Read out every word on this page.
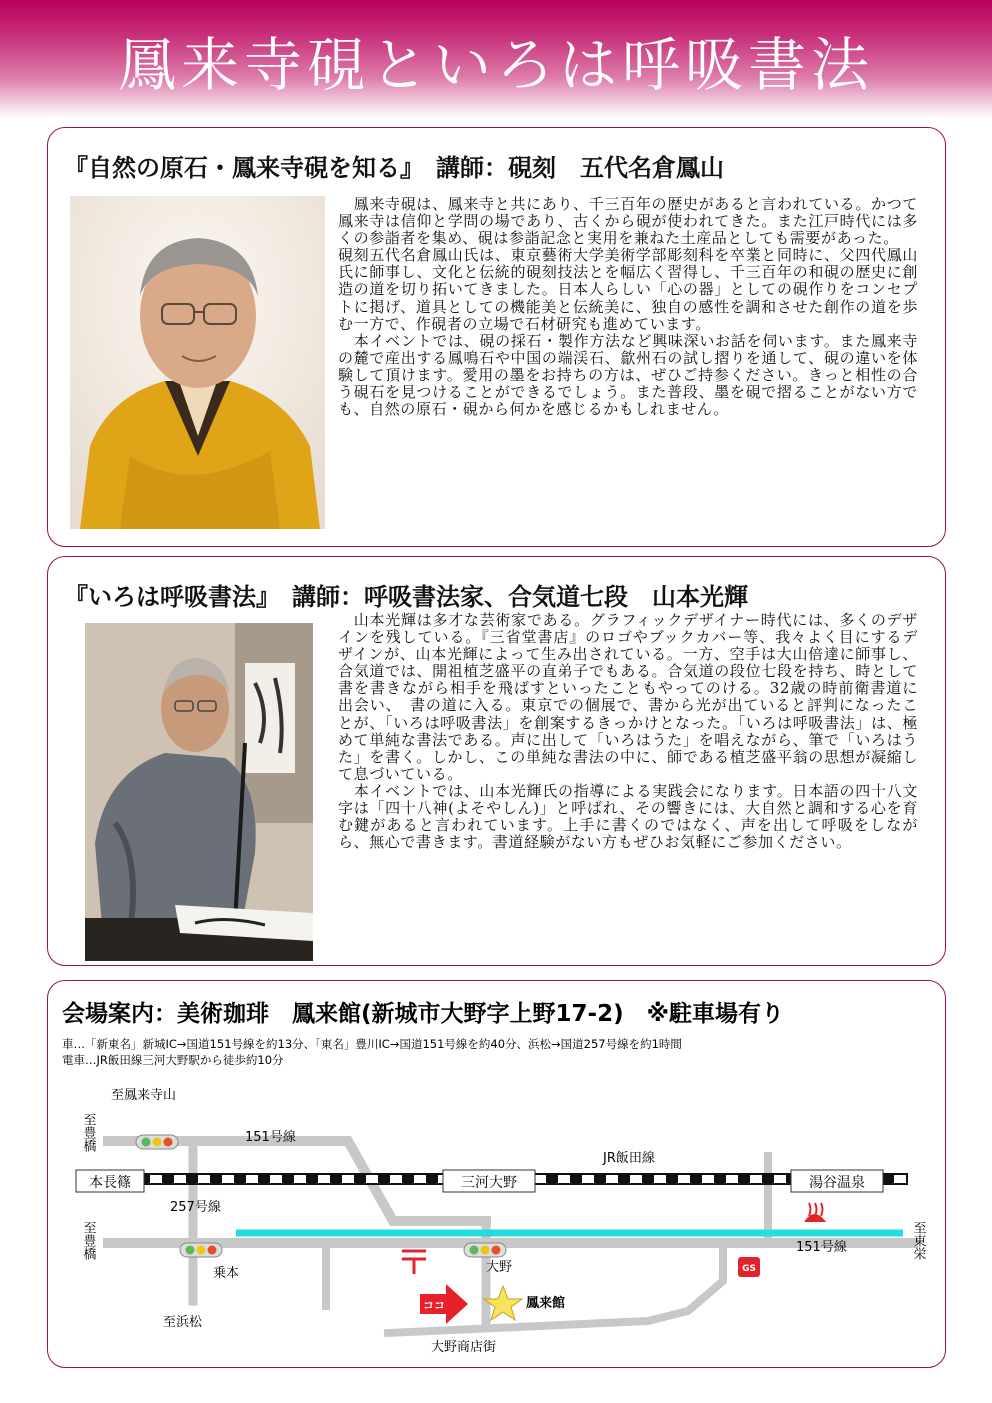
鳳来寺硯といろは呼吸書法
『自然の原石・鳳来寺硯を知る』　講師：硯刻　五代名倉鳳山

　鳳来寺硯は、鳳来寺と共にあり、千三百年の歴史があると言われている。かつて鳳来寺は信仰と学問の場であり、古くから硯が使われてきた。また江戸時代には多くの参詣者を集め、硯は参詣記念と実用を兼ねた土産品としても需要があった。

硯刻五代名倉鳳山氏は、東京藝術大学美術学部彫刻科を卒業と同時に、父四代鳳山氏に師事し、文化と伝統的硯刻技法とを幅広く習得し、千三百年の和硯の歴史に創造の道を切り拓いてきました。日本人らしい「心の器」としての硯作りをコンセプトに掲げ、道具としての機能美と伝統美に、独自の感性を調和させた創作の道を歩む一方で、作硯者の立場で石材研究も進めています。

　本イベントでは、硯の採石・製作方法など興味深いお話を伺います。また鳳来寺の麓で産出する鳳鳴石や中国の端渓石、歙州石の試し摺りを通して、硯の違いを体験して頂けます。愛用の墨をお持ちの方は、ぜひご持参ください。きっと相性の合う硯石を見つけることができるでしょう。また普段、墨を硯で摺ることがない方でも、自然の原石・硯から何かを感じるかもしれません。

『いろは呼吸書法』　講師：呼吸書法家、合気道七段　山本光輝

　山本光輝は多才な芸術家である。グラフィックデザイナー時代には、多くのデザインを残している。『三省堂書店』のロゴやブックカバー等、我々よく目にするデザインが、山本光輝によって生み出されている。一方、空手は大山倍達に師事し、合気道では、開祖植芝盛平の直弟子でもある。合気道の段位七段を持ち、時として書を書きながら相手を飛ばすといったこともやってのける。32歳の時前衛書道に出会い、　書の道に入る。東京での個展で、書から光が出ていると評判になったことが、「いろは呼吸書法」を創案するきっかけとなった。「いろは呼吸書法」は、極めて単純な書法である。声に出して「いろはうた」を唱えながら、筆で「いろはうた」を書く。しかし、この単純な書法の中に、師である植芝盛平翁の思想が凝縮して息づいている。

　本イベントでは、山本光輝氏の指導による実践会になります。日本語の四十八文字は「四十八神(よそやしん)」と呼ばれ、その響きには、大自然と調和する心を育む鍵があると言われています。上手に書くのではなく、声を出して呼吸をしながら、無心で書きます。書道経験がない方もぜひお気軽にご参加ください。

会場案内：美術珈琲　鳳来館(新城市大野字上野17-2)　※駐車場有り
車…「新東名」新城IC→国道151号線を約13分、「東名」豊川IC→国道151号線を約40分、浜松→国道257号線を約1時間
電車…JR飯田線三河大野駅から徒歩約10分
本長篠	三河大野	湯谷温泉
GS
ココ
至鳳来寺山
151号線
JR飯田線
257号線
151号線
乗本	大野
鳳来館
至浜松
大野商店街
至豊橋
至豊橋	至東栄
